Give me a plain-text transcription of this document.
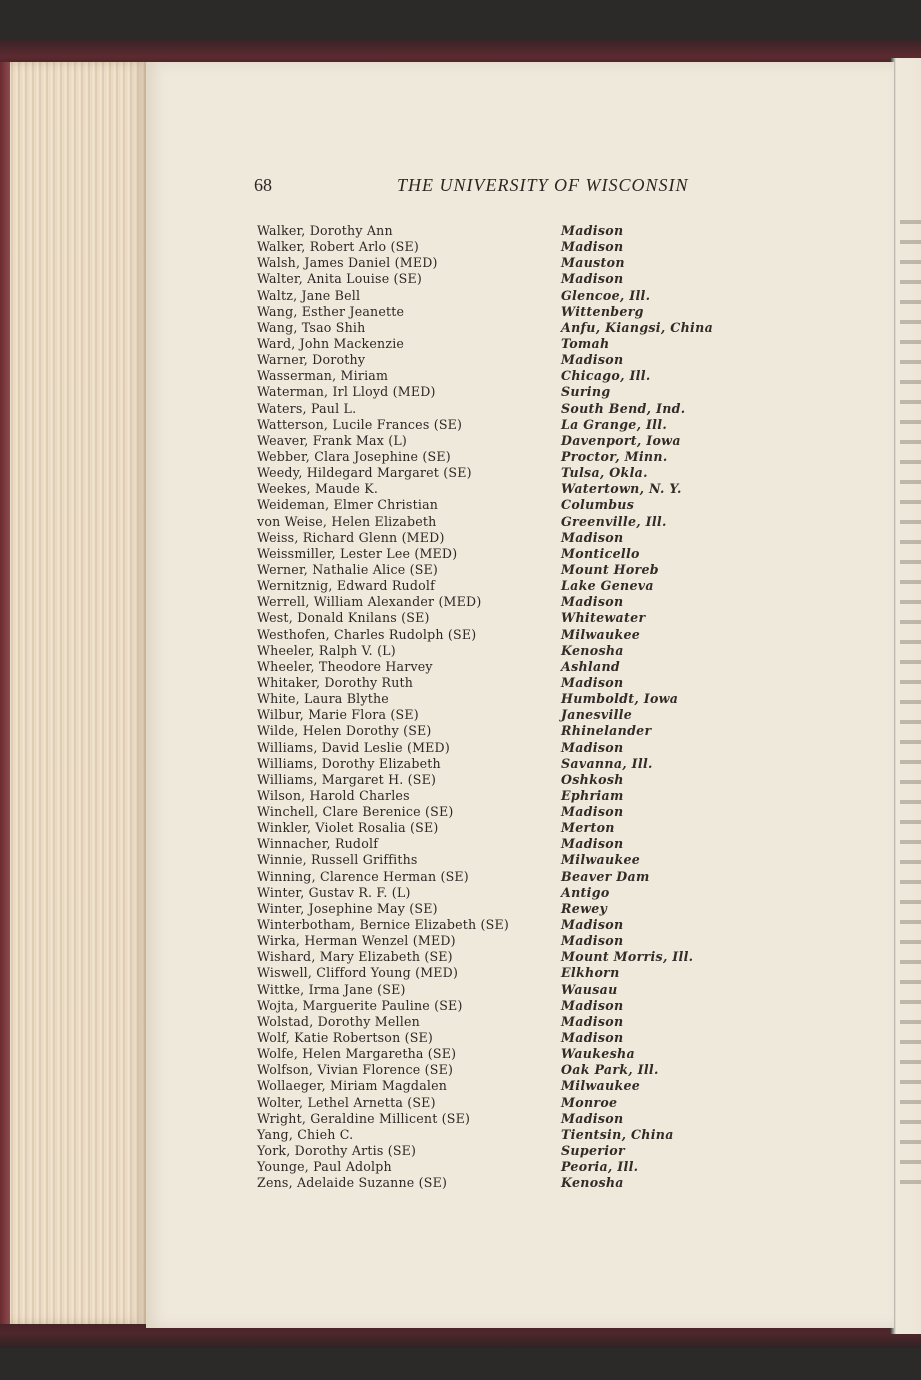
68	THE UNIVERSITY OF WISCONSIN
Walker, Dorothy Ann	Madison
Walker, Robert Arlo (SE)	Madison
Walsh, James Daniel (MED)	Mauston
Walter, Anita Louise (SE)	Madison
Waltz, Jane Bell	Glencoe, Ill.
Wang, Esther Jeanette	Wittenberg
Wang, Tsao Shih	Anfu, Kiangsi, China
Ward, John Mackenzie	Tomah
Warner, Dorothy	Madison
Wasserman, Miriam	Chicago, Ill.
Waterman, Irl Lloyd (MED)	Suring
Waters, Paul L.	South Bend, Ind.
Watterson, Lucile Frances (SE)	La Grange, Ill.
Weaver, Frank Max (L)	Davenport, Iowa
Webber, Clara Josephine (SE)	Proctor, Minn.
Weedy, Hildegard Margaret (SE)	Tulsa, Okla.
Weekes, Maude K.	Watertown, N. Y.
Weideman, Elmer Christian	Columbus
von Weise, Helen Elizabeth	Greenville, Ill.
Weiss, Richard Glenn (MED)	Madison
Weissmiller, Lester Lee (MED)	Monticello
Werner, Nathalie Alice (SE)	Mount Horeb
Wernitznig, Edward Rudolf	Lake Geneva
Werrell, William Alexander (MED)	Madison
West, Donald Knilans (SE)	Whitewater
Westhofen, Charles Rudolph (SE)	Milwaukee
Wheeler, Ralph V. (L)	Kenosha
Wheeler, Theodore Harvey	Ashland
Whitaker, Dorothy Ruth	Madison
White, Laura Blythe	Humboldt, Iowa
Wilbur, Marie Flora (SE)	Janesville
Wilde, Helen Dorothy (SE)	Rhinelander
Williams, David Leslie (MED)	Madison
Williams, Dorothy Elizabeth	Savanna, Ill.
Williams, Margaret H. (SE)	Oshkosh
Wilson, Harold Charles	Ephriam
Winchell, Clare Berenice (SE)	Madison
Winkler, Violet Rosalia (SE)	Merton
Winnacher, Rudolf	Madison
Winnie, Russell Griffiths	Milwaukee
Winning, Clarence Herman (SE)	Beaver Dam
Winter, Gustav R. F. (L)	Antigo
Winter, Josephine May (SE)	Rewey
Winterbotham, Bernice Elizabeth (SE)	Madison
Wirka, Herman Wenzel (MED)	Madison
Wishard, Mary Elizabeth (SE)	Mount Morris, Ill.
Wiswell, Clifford Young (MED)	Elkhorn
Wittke, Irma Jane (SE)	Wausau
Wojta, Marguerite Pauline (SE)	Madison
Wolstad, Dorothy Mellen	Madison
Wolf, Katie Robertson (SE)	Madison
Wolfe, Helen Margaretha (SE)	Waukesha
Wolfson, Vivian Florence (SE)	Oak Park, Ill.
Wollaeger, Miriam Magdalen	Milwaukee
Wolter, Lethel Arnetta (SE)	Monroe
Wright, Geraldine Millicent (SE)	Madison
Yang, Chieh C.	Tientsin, China
York, Dorothy Artis (SE)	Superior
Younge, Paul Adolph	Peoria, Ill.
Zens, Adelaide Suzanne (SE)	Kenosha
